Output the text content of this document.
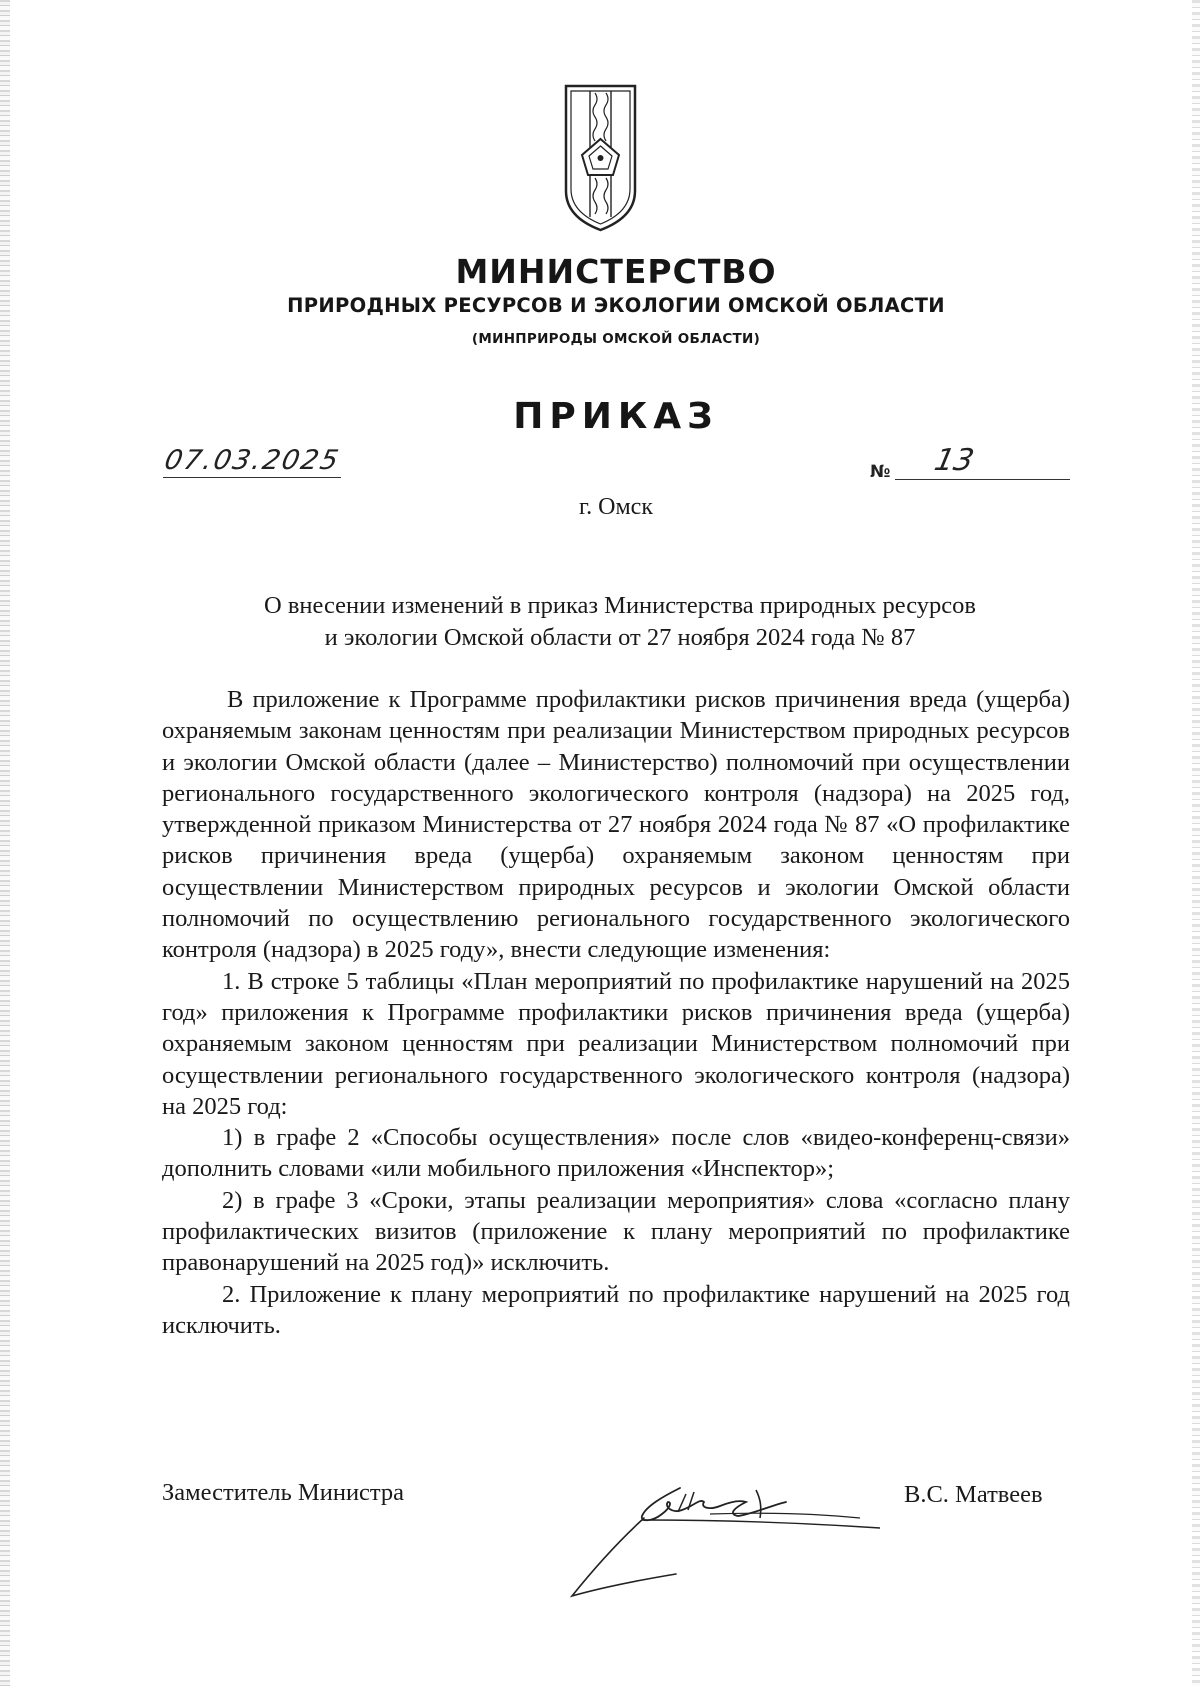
МИНИСТЕРСТВО
ПРИРОДНЫХ РЕСУРСОВ И ЭКОЛОГИИ ОМСКОЙ ОБЛАСТИ
(МИНПРИРОДЫ ОМСКОЙ ОБЛАСТИ)
ПРИКАЗ
07.03.2025	№ 13
г. Омск
О внесении изменений в приказ Министерства природных ресурсов
и экологии Омской области от 27 ноября 2024 года № 87

В приложение к Программе профилактики рисков причинения вреда (ущерба) охраняемым законам ценностям при реализации Министерством природных ресурсов и экологии Омской области (далее – Министерство) полномочий при осуществлении регионального государственного экологического контроля (надзора) на 2025 год, утвержденной приказом Министерства от 27 ноября 2024 года № 87 «О профилактике рисков причинения вреда (ущерба) охраняемым законом ценностям при осуществлении Министерством природных ресурсов и экологии Омской области полномочий по осуществлению регионального государственного экологического контроля (надзора) в 2025 году», внести следующие изменения:

1. В строке 5 таблицы «План мероприятий по профилактике нарушений на 2025 год» приложения к Программе профилактики рисков причинения вреда (ущерба) охраняемым законом ценностям при реализации Министерством полномочий при осуществлении регионального государственного экологического контроля (надзора) на 2025 год:

1) в графе 2 «Способы осуществления» после слов «видео-конференц-связи» дополнить словами «или мобильного приложения «Инспектор»;

2) в графе 3 «Сроки, этапы реализации мероприятия» слова «согласно плану профилактических визитов (приложение к плану мероприятий по профилактике правонарушений на 2025 год)» исключить.

2. Приложение к плану мероприятий по профилактике нарушений на 2025 год исключить.

Заместитель Министра	В.С. Матвеев
